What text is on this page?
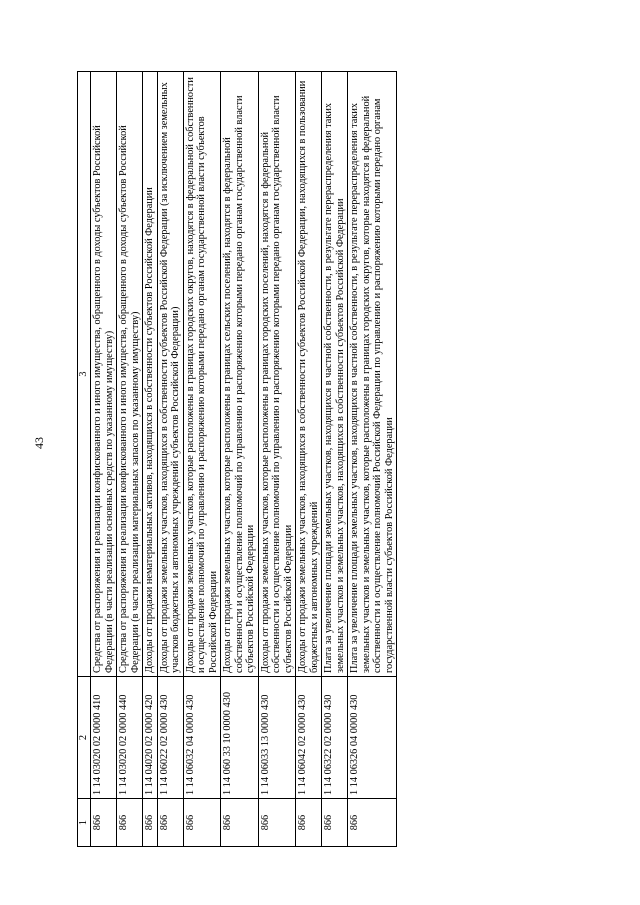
43
1	2	3
866	1 14 03020 02 0000 410	Средства от распоряжения и реализации конфискованного и иного имущества, обращенного в доходы субъектов Российской Федерации (в части реализации основных средств по указанному имуществу)
866	1 14 03020 02 0000 440	Средства от распоряжения и реализации конфискованного и иного имущества, обращенного в доходы субъектов Российской Федерации (в части реализации материальных запасов по указанному имуществу)
866	1 14 04020 02 0000 420	Доходы от продажи нематериальных активов, находящихся в собственности субъектов Российской Федерации
866	1 14 06022 02 0000 430	Доходы от продажи земельных участков, находящихся в собственности субъектов Российской Федерации (за исключением земельных участков бюджетных и автономных учреждений субъектов Российской Федерации)
866	1 14 06032 04 0000 430	Доходы от продажи земельных участков, которые расположены в границах городских округов, находятся в федеральной собственности и осуществление полномочий по управлению и распоряжению которыми передано органам государственной власти субъектов Российской Федерации
866	1 14 060 33 10 0000 430	Доходы от продажи земельных участков, которые расположены в границах сельских поселений, находятся в федеральной собственности и осуществление полномочий по управлению и распоряжению которыми передано органам государственной власти субъектов Российской Федерации
866	1 14 06033 13 0000 430	Доходы от продажи земельных участков, которые расположены в границах городских поселений, находятся в федеральной собственности и осуществление полномочий по управлению и распоряжению которыми передано органам государственной власти субъектов Российской Федерации
866	1 14 06042 02 0000 430	Доходы от продажи земельных участков, находящихся в собственности субъектов Российской Федерации, находящихся в пользовании бюджетных и автономных учреждений
866	1 14 06322 02 0000 430	Плата за увеличение площади земельных участков, находящихся в частной собственности, в результате перераспределения таких земельных участков и земельных участков, находящихся в собственности субъектов Российской Федерации
866	1 14 06326 04 0000 430	Плата за увеличение площади земельных участков, находящихся в частной собственности, в результате перераспределения таких земельных участков и земельных участков, которые расположены в границах городских округов, которые находятся в федеральной собственности и осуществление полномочий Российской Федерации по управлению и распоряжению которыми передано органам государственной власти субъектов Российской Федерации
